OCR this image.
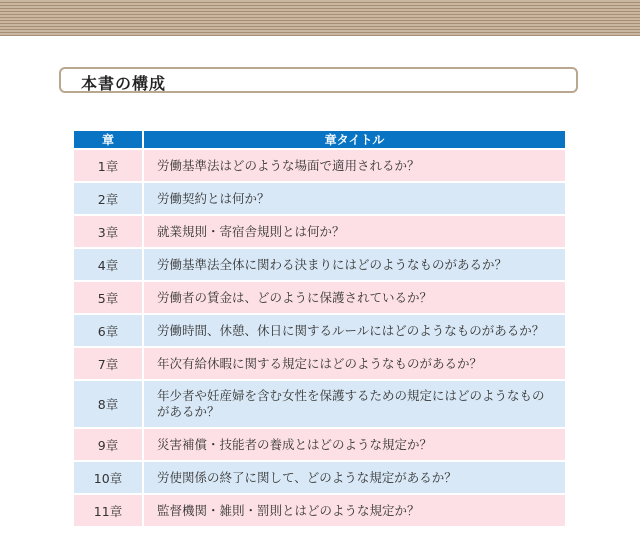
本書の構成
章	章タイトル
1章	労働基準法はどのような場面で適用されるか？
2章	労働契約とは何か？
3章	就業規則・寄宿舎規則とは何か？
4章	労働基準法全体に関わる決まりにはどのようなものがあるか？
5章	労働者の賃金は、どのように保護されているか？
6章	労働時間、休憩、休日に関するルールにはどのようなものがあるか？
7章	年次有給休暇に関する規定にはどのようなものがあるか？
8章	年少者や妊産婦を含む女性を保護するための規定にはどのようなものがあるか？
9章	災害補償・技能者の養成とはどのような規定か？
10章	労使関係の終了に関して、どのような規定があるか？
11章	監督機関・雑則・罰則とはどのような規定か？
